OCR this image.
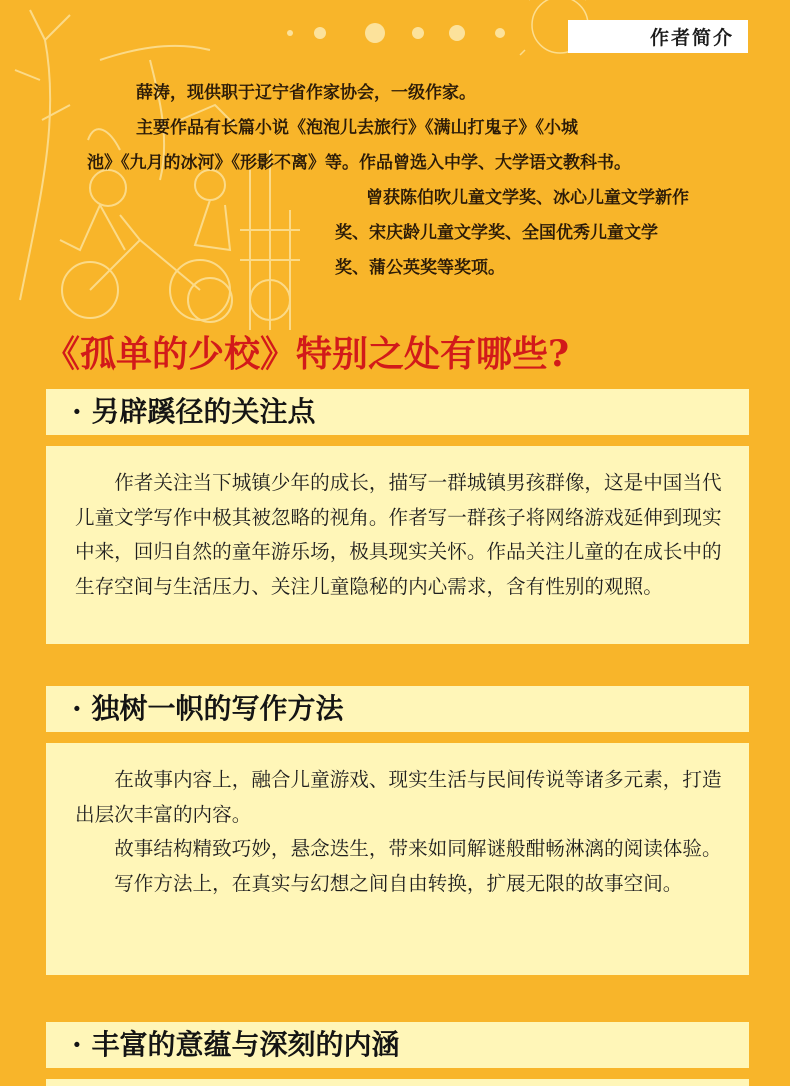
作者简介
薛涛，现供职于辽宁省作家协会，一级作家。
主要作品有长篇小说《泡泡儿去旅行》《满山打鬼子》《小城
池》《九月的冰河》《形影不离》等。作品曾选入中学、大学语文教科书。
曾获陈伯吹儿童文学奖、冰心儿童文学新作
奖、宋庆龄儿童文学奖、全国优秀儿童文学
奖、蒲公英奖等奖项。
《孤单的少校》特别之处有哪些?
· 另辟蹊径的关注点

作者关注当下城镇少年的成长，描写一群城镇男孩群像，这是中国当代儿童文学写作中极其被忽略的视角。作者写一群孩子将网络游戏延伸到现实中来，回归自然的童年游乐场，极具现实关怀。作品关注儿童的在成长中的生存空间与生活压力、关注儿童隐秘的内心需求，含有性别的观照。

· 独树一帜的写作方法

在故事内容上，融合儿童游戏、现实生活与民间传说等诸多元素，打造出层次丰富的内容。

故事结构精致巧妙，悬念迭生，带来如同解谜般酣畅淋漓的阅读体验。

写作方法上，在真实与幻想之间自由转换，扩展无限的故事空间。

· 丰富的意蕴与深刻的内涵
